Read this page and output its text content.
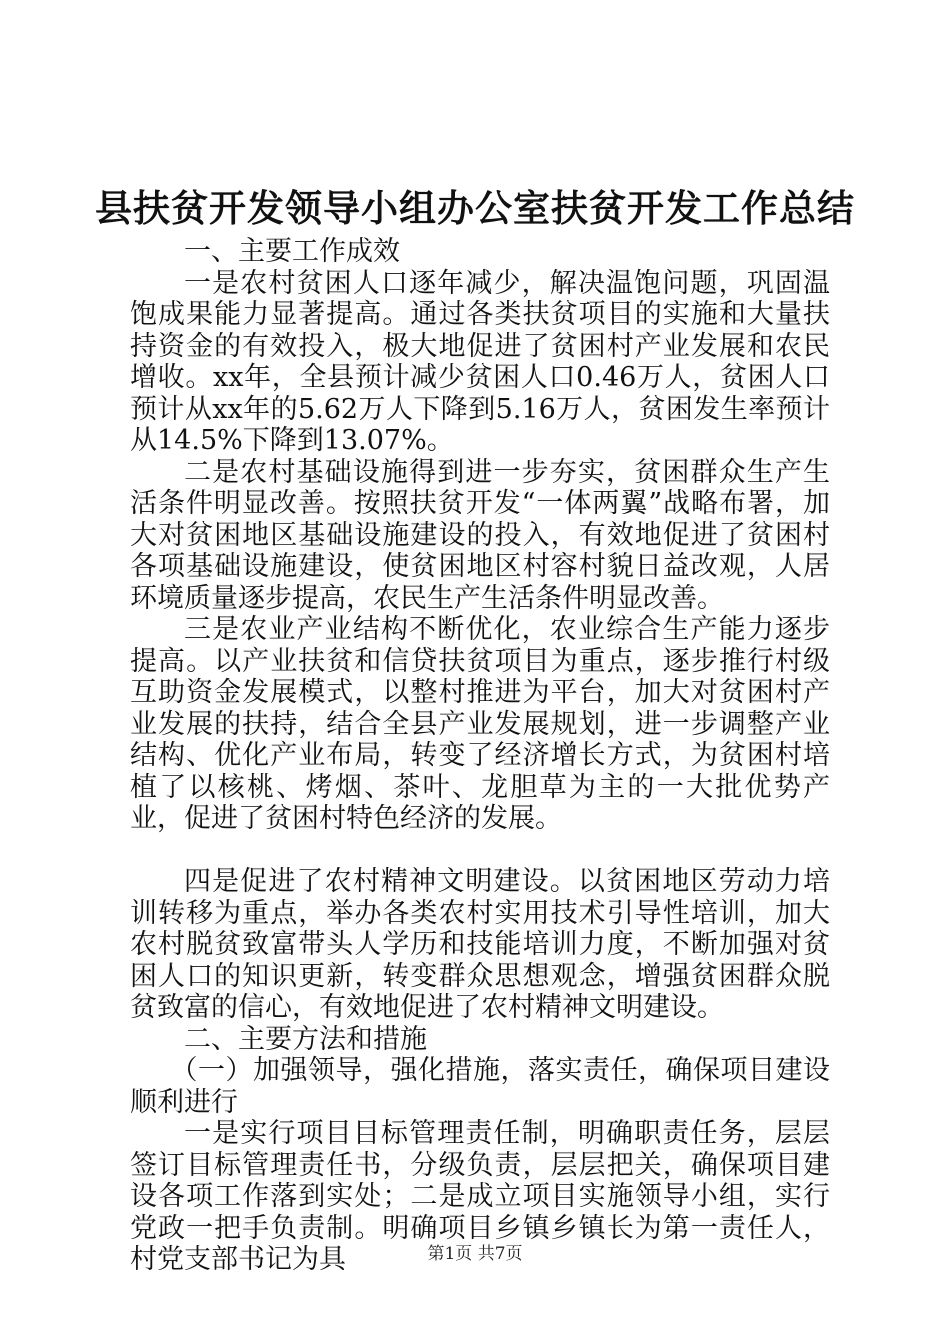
县扶贫开发领导小组办公室扶贫开发工作总结

一、主要工作成效

一是农村贫困人口逐年减少，解决温饱问题，巩固温饱成果能力显著提高。通过各类扶贫项目的实施和大量扶持资金的有效投入，极大地促进了贫困村产业发展和农民增收。xx年，全县预计减少贫困人口0.46万人，贫困人口预计从xx年的5.62万人下降到5.16万人，贫困发生率预计从14.5%下降到13.07%。

二是农村基础设施得到进一步夯实，贫困群众生产生活条件明显改善。按照扶贫开发“一体两翼”战略布署，加大对贫困地区基础设施建设的投入，有效地促进了贫困村各项基础设施建设，使贫困地区村容村貌日益改观，人居环境质量逐步提高，农民生产生活条件明显改善。

三是农业产业结构不断优化，农业综合生产能力逐步提高。以产业扶贫和信贷扶贫项目为重点，逐步推行村级互助资金发展模式，以整村推进为平台，加大对贫困村产业发展的扶持，结合全县产业发展规划，进一步调整产业结构、优化产业布局，转变了经济增长方式，为贫困村培植了以核桃、烤烟、茶叶、龙胆草为主的一大批优势产业，促进了贫困村特色经济的发展。

四是促进了农村精神文明建设。以贫困地区劳动力培训转移为重点，举办各类农村实用技术引导性培训，加大农村脱贫致富带头人学历和技能培训力度，不断加强对贫困人口的知识更新，转变群众思想观念，增强贫困群众脱贫致富的信心，有效地促进了农村精神文明建设。

二、主要方法和措施

（一）加强领导，强化措施，落实责任，确保项目建设顺利进行

一是实行项目目标管理责任制，明确职责任务，层层签订目标管理责任书，分级负责，层层把关，确保项目建设各项工作落到实处；二是成立项目实施领导小组，实行党政一把手负责制。明确项目乡镇乡镇长为第一责任人，村党支部书记为具	第1页 共7页
